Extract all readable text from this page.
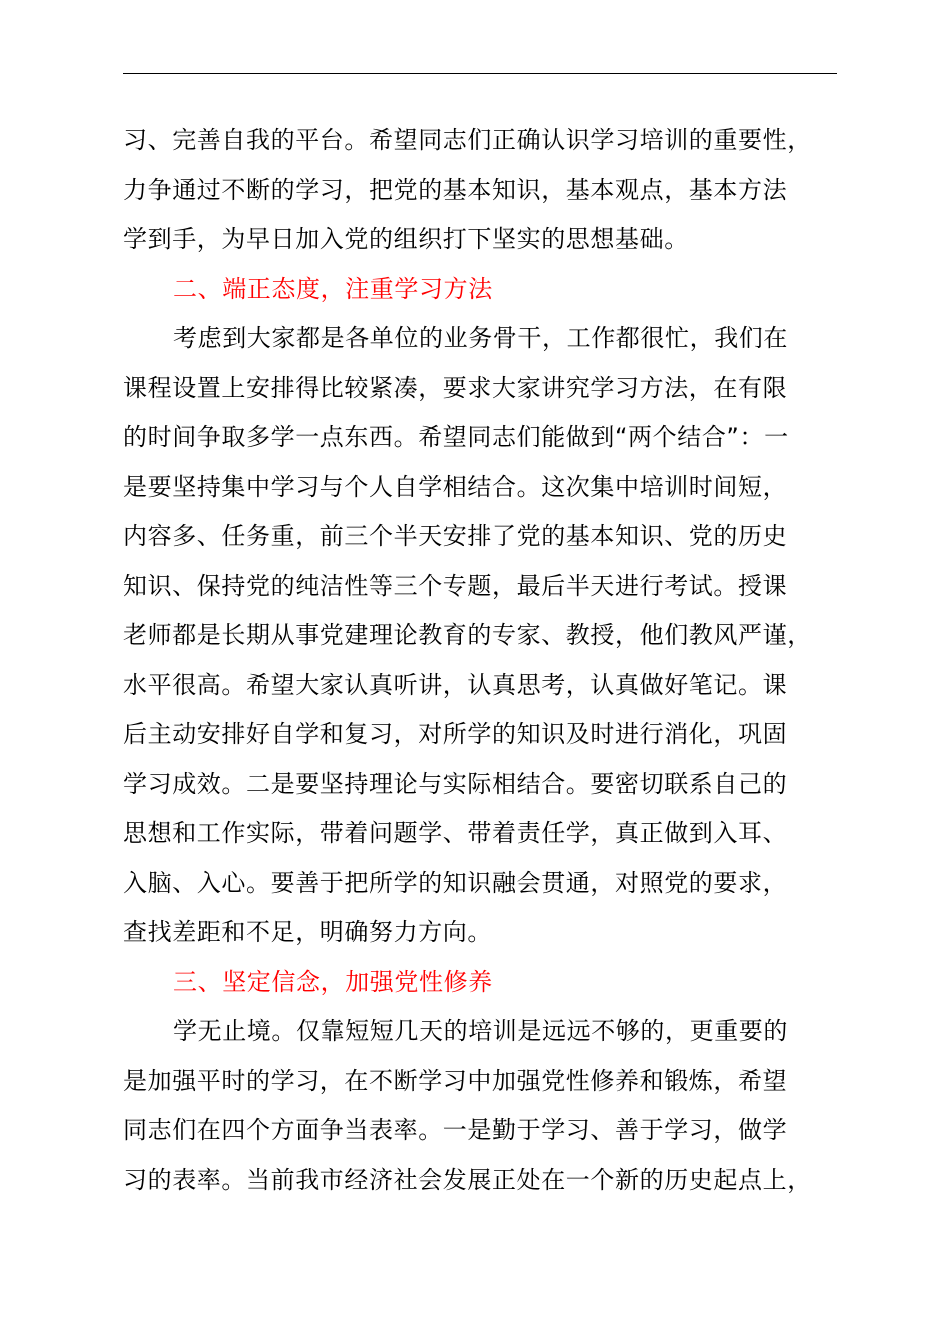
习、完善自我的平台。希望同志们正确认识学习培训的重要性，
力争通过不断的学习，把党的基本知识，基本观点，基本方法
学到手，为早日加入党的组织打下坚实的思想基础。
二、端正态度，注重学习方法
考虑到大家都是各单位的业务骨干，工作都很忙，我们在
课程设置上安排得比较紧凑，要求大家讲究学习方法，在有限
的时间争取多学一点东西。希望同志们能做到“两个结合”：一
是要坚持集中学习与个人自学相结合。这次集中培训时间短，
内容多、任务重，前三个半天安排了党的基本知识、党的历史
知识、保持党的纯洁性等三个专题，最后半天进行考试。授课
老师都是长期从事党建理论教育的专家、教授，他们教风严谨，
水平很高。希望大家认真听讲，认真思考，认真做好笔记。课
后主动安排好自学和复习，对所学的知识及时进行消化，巩固
学习成效。二是要坚持理论与实际相结合。要密切联系自己的
思想和工作实际，带着问题学、带着责任学，真正做到入耳、
入脑、入心。要善于把所学的知识融会贯通，对照党的要求，
查找差距和不足，明确努力方向。
三、坚定信念，加强党性修养
学无止境。仅靠短短几天的培训是远远不够的，更重要的
是加强平时的学习，在不断学习中加强党性修养和锻炼，希望
同志们在四个方面争当表率。一是勤于学习、善于学习，做学
习的表率。当前我市经济社会发展正处在一个新的历史起点上，
